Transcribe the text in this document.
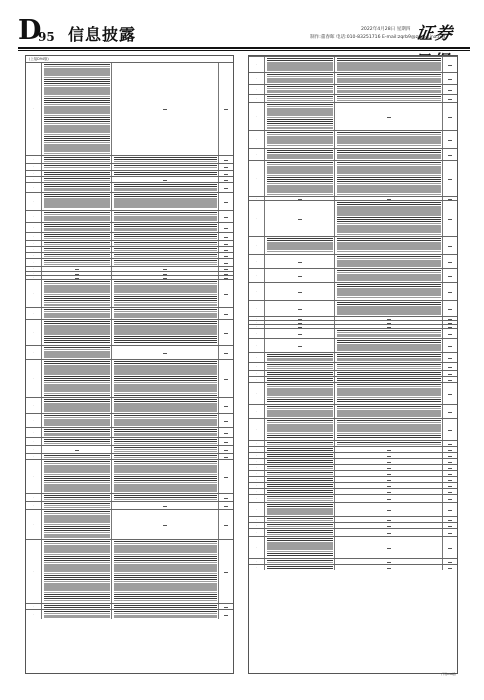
D
95 信息披露	2022年4月28日 星期四
制作:董春晖 电话:010-83251716 E-mail:zqrb9@zqrb.sina.net
证券日报
(上接D94版)
·
·
·
·
·
·
·
·
·
·
·
·
·
·
·
·
·
·
·
·
·
·
·
·
·
·
·
·
·
·
·
·
·
·
·
·
·
·
·
·
·
·
·
·
·
·
·
·
·
·
·
·
·
·
·
·
·
·
·
·
·
·
·
·
·
·
·
·
·
·
·
·
·
·
·
·
·
·
·
(下转D96版)
